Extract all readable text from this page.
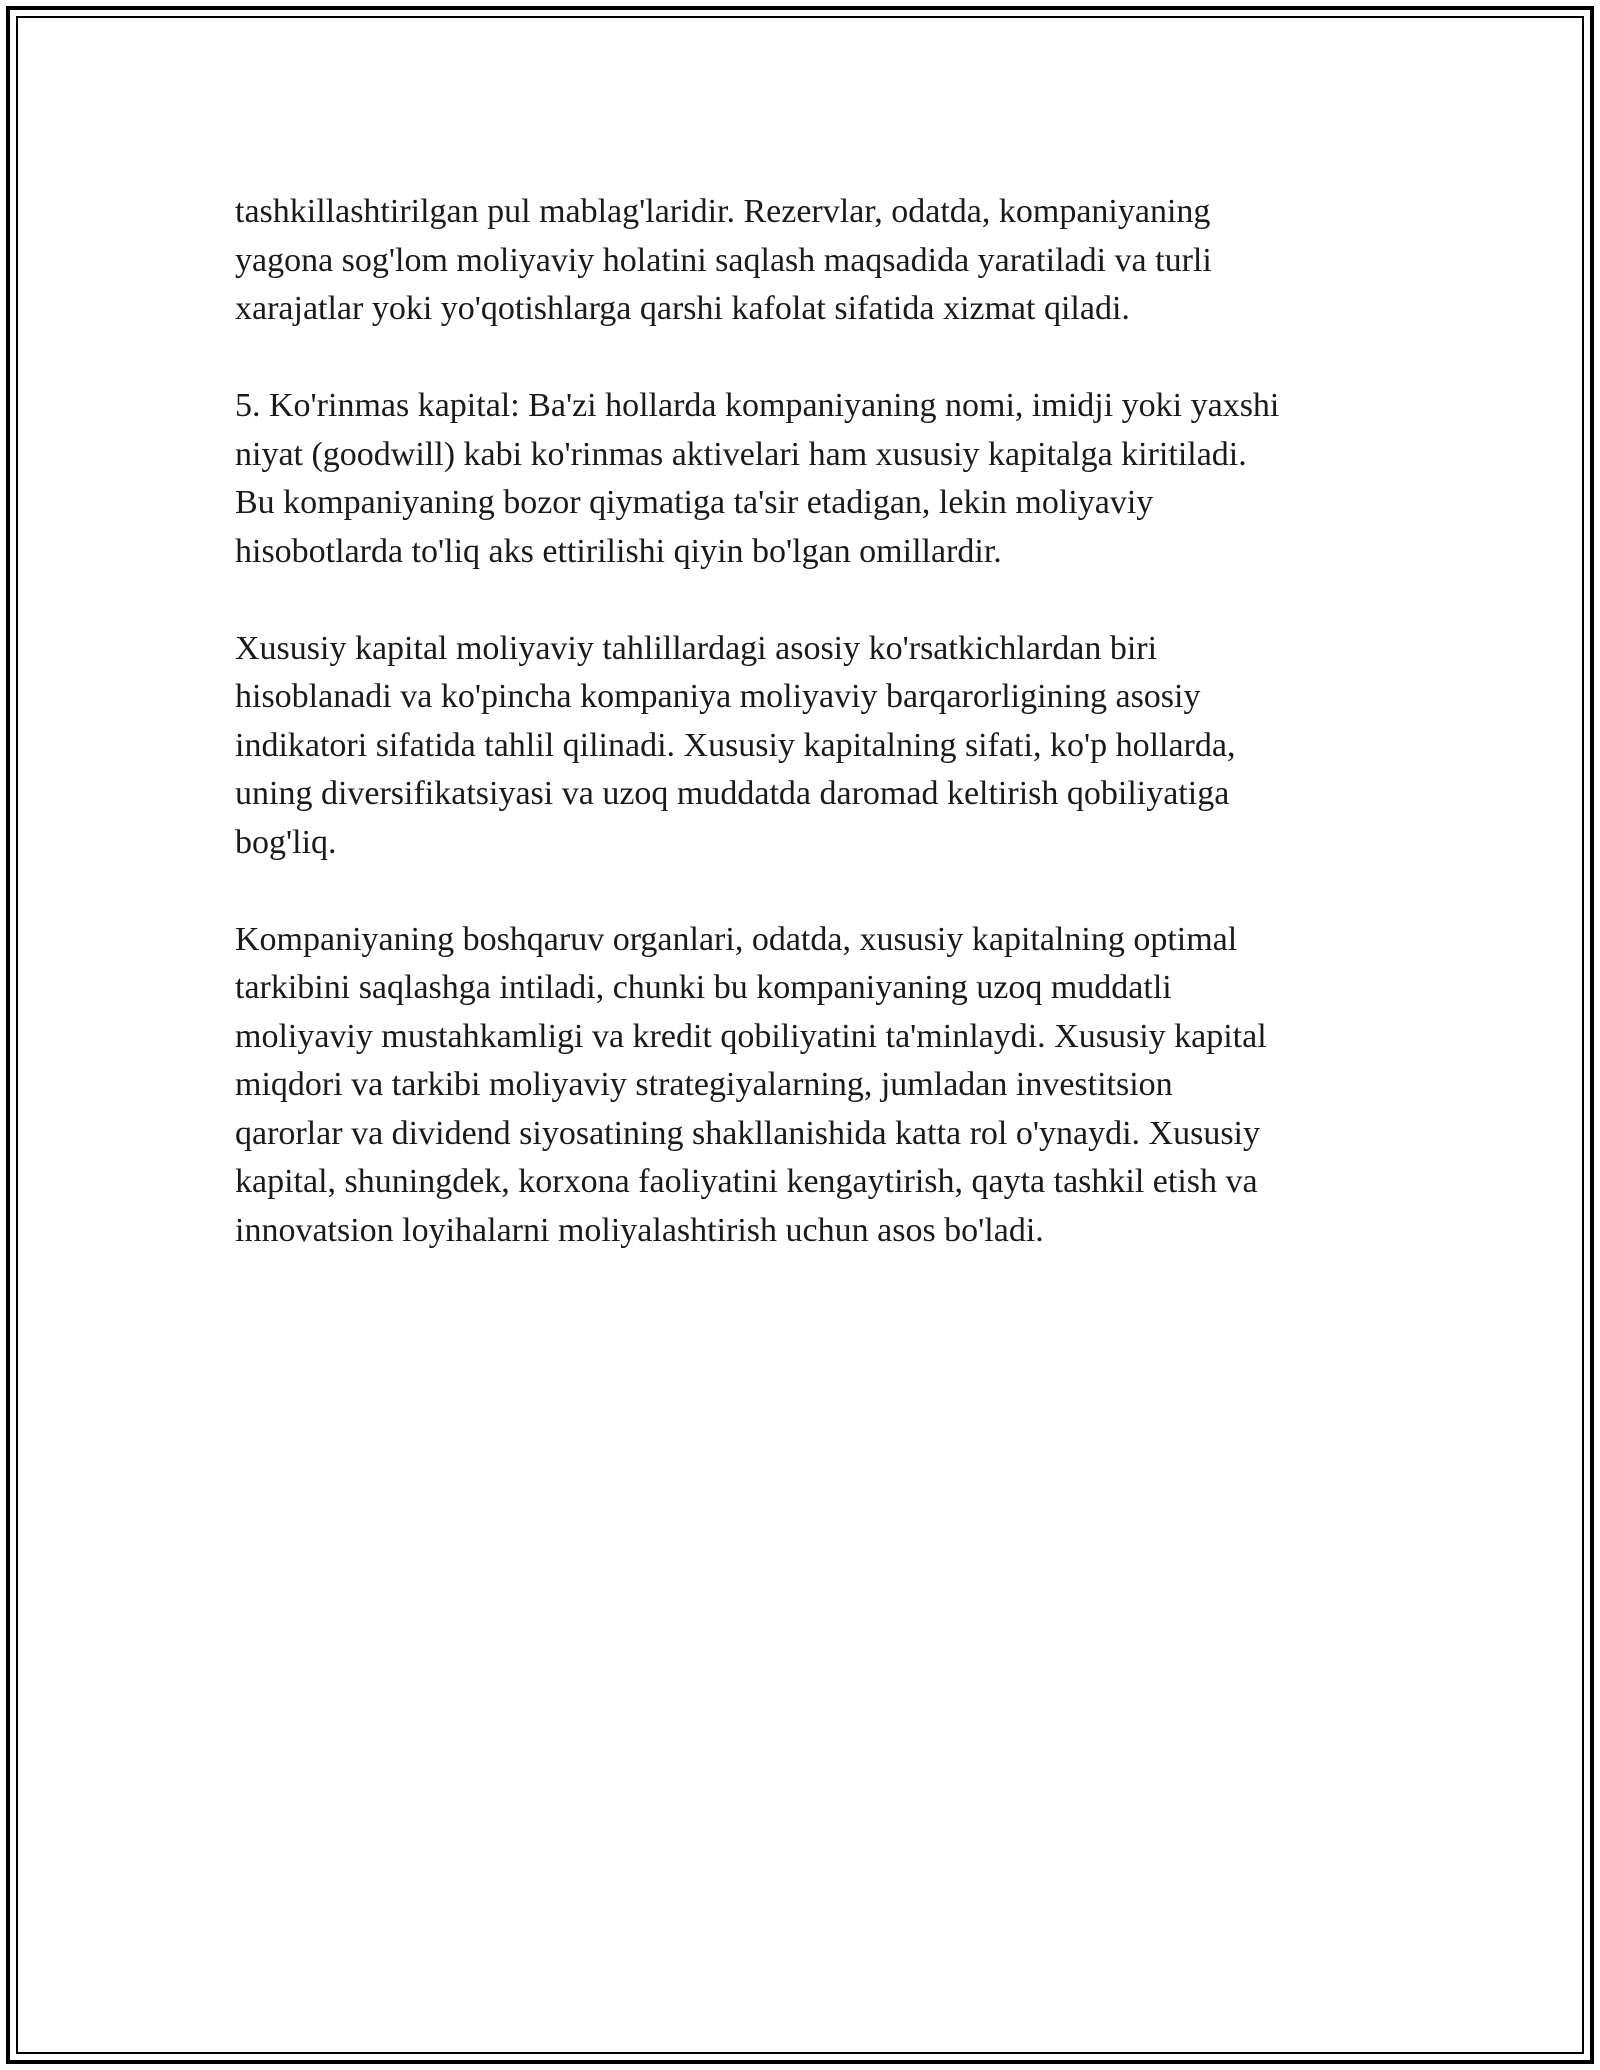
tashkillashtirilgan pul mablag'laridir. Rezervlar, odatda, kompaniyaning
yagona sog'lom moliyaviy holatini saqlash maqsadida yaratiladi va turli
xarajatlar yoki yo'qotishlarga qarshi kafolat sifatida xizmat qiladi.

5. Ko'rinmas kapital: Ba'zi hollarda kompaniyaning nomi, imidji yoki yaxshi
niyat (goodwill) kabi ko'rinmas aktivelari ham xususiy kapitalga kiritiladi.
Bu kompaniyaning bozor qiymatiga ta'sir etadigan, lekin moliyaviy
hisobotlarda to'liq aks ettirilishi qiyin bo'lgan omillardir.

Xususiy kapital moliyaviy tahlillardagi asosiy ko'rsatkichlardan biri
hisoblanadi va ko'pincha kompaniya moliyaviy barqarorligining asosiy
indikatori sifatida tahlil qilinadi. Xususiy kapitalning sifati, ko'p hollarda,
uning diversifikatsiyasi va uzoq muddatda daromad keltirish qobiliyatiga
bog'liq.

Kompaniyaning boshqaruv organlari, odatda, xususiy kapitalning optimal
tarkibini saqlashga intiladi, chunki bu kompaniyaning uzoq muddatli
moliyaviy mustahkamligi va kredit qobiliyatini ta'minlaydi. Xususiy kapital
miqdori va tarkibi moliyaviy strategiyalarning, jumladan investitsion
qarorlar va dividend siyosatining shakllanishida katta rol o'ynaydi. Xususiy
kapital, shuningdek, korxona faoliyatini kengaytirish, qayta tashkil etish va
innovatsion loyihalarni moliyalashtirish uchun asos bo'ladi.
